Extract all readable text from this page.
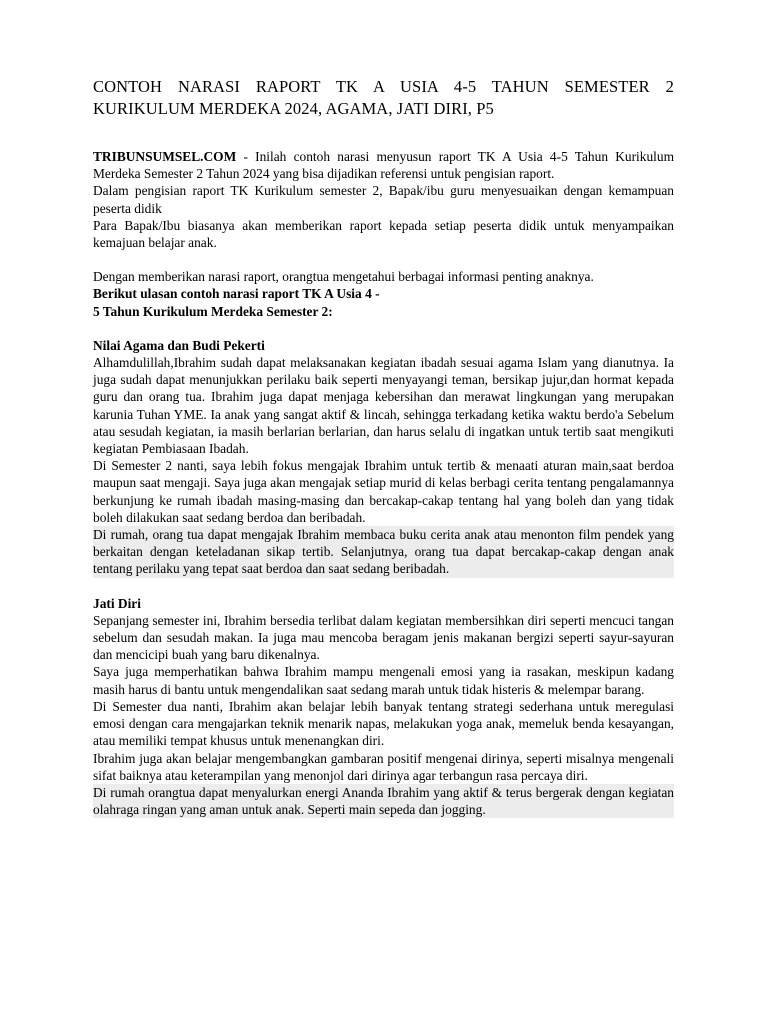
CONTOH NARASI RAPORT TK A USIA 4-5 TAHUN SEMESTER 2 KURIKULUM MERDEKA 2024, AGAMA, JATI DIRI, P5

TRIBUNSUMSEL.COM - Inilah contoh narasi menyusun raport TK A Usia 4-5 Tahun Kurikulum Merdeka Semester 2 Tahun 2024 yang bisa dijadikan referensi untuk pengisian raport.

Dalam pengisian raport TK Kurikulum semester 2, Bapak/ibu guru menyesuaikan dengan kemampuan peserta didik

Para Bapak/Ibu biasanya akan memberikan raport kepada setiap peserta didik untuk menyampaikan kemajuan belajar anak.

Dengan memberikan narasi raport, orangtua mengetahui berbagai informasi penting anaknya.

Berikut ulasan contoh narasi raport TK A Usia 4 -

5 Tahun Kurikulum Merdeka Semester 2:

Nilai Agama dan Budi Pekerti

Alhamdulillah,Ibrahim sudah dapat melaksanakan kegiatan ibadah sesuai agama Islam yang dianutnya. Ia juga sudah dapat menunjukkan perilaku baik seperti menyayangi teman, bersikap jujur,dan hormat kepada guru dan orang tua. Ibrahim juga dapat menjaga kebersihan dan merawat lingkungan yang merupakan karunia Tuhan YME. Ia anak yang sangat aktif & lincah, sehingga terkadang ketika waktu berdo'a Sebelum atau sesudah kegiatan, ia masih berlarian berlarian, dan harus selalu di ingatkan untuk tertib saat mengikuti kegiatan Pembiasaan Ibadah.

Di Semester 2 nanti, saya lebih fokus mengajak Ibrahim untuk tertib & menaati aturan main,saat berdoa maupun saat mengaji. Saya juga akan mengajak setiap murid di kelas berbagi cerita tentang pengalamannya berkunjung ke rumah ibadah masing-masing dan bercakap-cakap tentang hal yang boleh dan yang tidak boleh dilakukan saat sedang berdoa dan beribadah.

Di rumah, orang tua dapat mengajak Ibrahim membaca buku cerita anak atau menonton film pendek yang berkaitan dengan keteladanan sikap tertib. Selanjutnya, orang tua dapat bercakap-cakap dengan anak tentang perilaku yang tepat saat berdoa dan saat sedang beribadah.

Jati Diri

Sepanjang semester ini, Ibrahim bersedia terlibat dalam kegiatan membersihkan diri seperti mencuci tangan sebelum dan sesudah makan. Ia juga mau mencoba beragam jenis makanan bergizi seperti sayur-sayuran dan mencicipi buah yang baru dikenalnya.

Saya juga memperhatikan bahwa Ibrahim mampu mengenali emosi yang ia rasakan, meskipun kadang masih harus di bantu untuk mengendalikan saat sedang marah untuk tidak histeris & melempar barang.

Di Semester dua nanti, Ibrahim akan belajar lebih banyak tentang strategi sederhana untuk meregulasi emosi dengan cara mengajarkan teknik menarik napas, melakukan yoga anak, memeluk benda kesayangan, atau memiliki tempat khusus untuk menenangkan diri.

Ibrahim juga akan belajar mengembangkan gambaran positif mengenai dirinya, seperti misalnya mengenali sifat baiknya atau keterampilan yang menonjol dari dirinya agar terbangun rasa percaya diri.

Di rumah orangtua dapat menyalurkan energi Ananda Ibrahim yang aktif & terus bergerak dengan kegiatan olahraga ringan yang aman untuk anak. Seperti main sepeda dan jogging.
